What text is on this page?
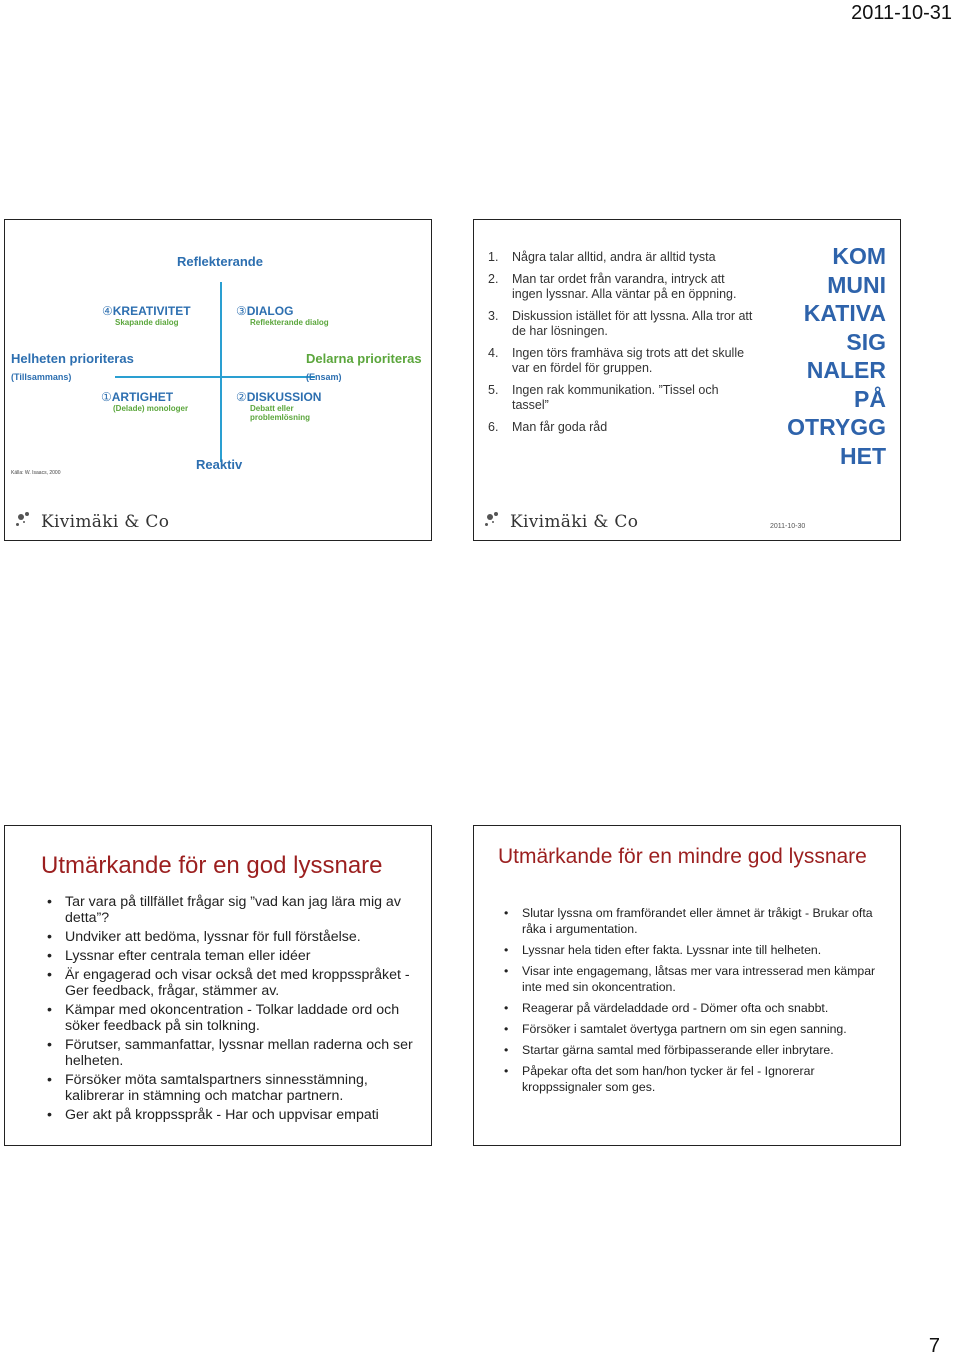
2011-10-31
Reflekterande
Reaktiv
Helheten prioriteras
(Tillsammans)
Delarna prioriteras
(Ensam)
④KREATIVITET
Skapande dialog
③DIALOG
Reflekterande dialog
①ARTIGHET
(Delade) monologer
②DISKUSSION
Debatt eller
problemlösning
Källa: W. Isaacs, 2000
Kivimäki & Co
1.	Några talar alltid, andra är alltid tysta
2.	Man tar ordet från varandra, intryck att ingen lyssnar. Alla väntar på en öppning.
3.	Diskussion istället för att lyssna. Alla tror att de har lösningen.
4.	Ingen törs framhäva sig trots att det skulle var en fördel för gruppen.
5.	Ingen rak kommunikation. ”Tissel och tassel”
6.	Man får goda råd
KOM
MUNI
KATIVA
SIG
NALER
PÅ
OTRYGG
HET
Kivimäki & Co	2011-10-30
Utmärkande för en god lyssnare
• Tar vara på tillfället frågar sig ”vad kan jag lära mig av detta”?
• Undviker att bedöma, lyssnar för full förståelse.
• Lyssnar efter centrala teman eller idéer
• Är engagerad och visar också det med kroppsspråket - Ger feedback, frågar, stämmer av.
• Kämpar med okoncentration - Tolkar laddade ord och söker feedback på sin tolkning.
• Förutser, sammanfattar, lyssnar mellan raderna och ser helheten.
• Försöker möta samtalspartners sinnesstämning, kalibrerar in stämning och matchar partnern.
• Ger akt på kroppsspråk - Har och uppvisar empati
Utmärkande för en mindre god lyssnare
• Slutar lyssna om framförandet eller ämnet är tråkigt - Brukar ofta råka i argumentation.
• Lyssnar hela tiden efter fakta. Lyssnar inte till helheten.
• Visar inte engagemang, låtsas mer vara intresserad men kämpar inte med sin okoncentration.
• Reagerar på värdeladdade ord - Dömer ofta och snabbt.
• Försöker i samtalet övertyga partnern om sin egen sanning.
• Startar gärna samtal med förbipasserande eller inbrytare.
• Påpekar ofta det som han/hon tycker är fel - Ignorerar kroppssignaler som ges.
7
